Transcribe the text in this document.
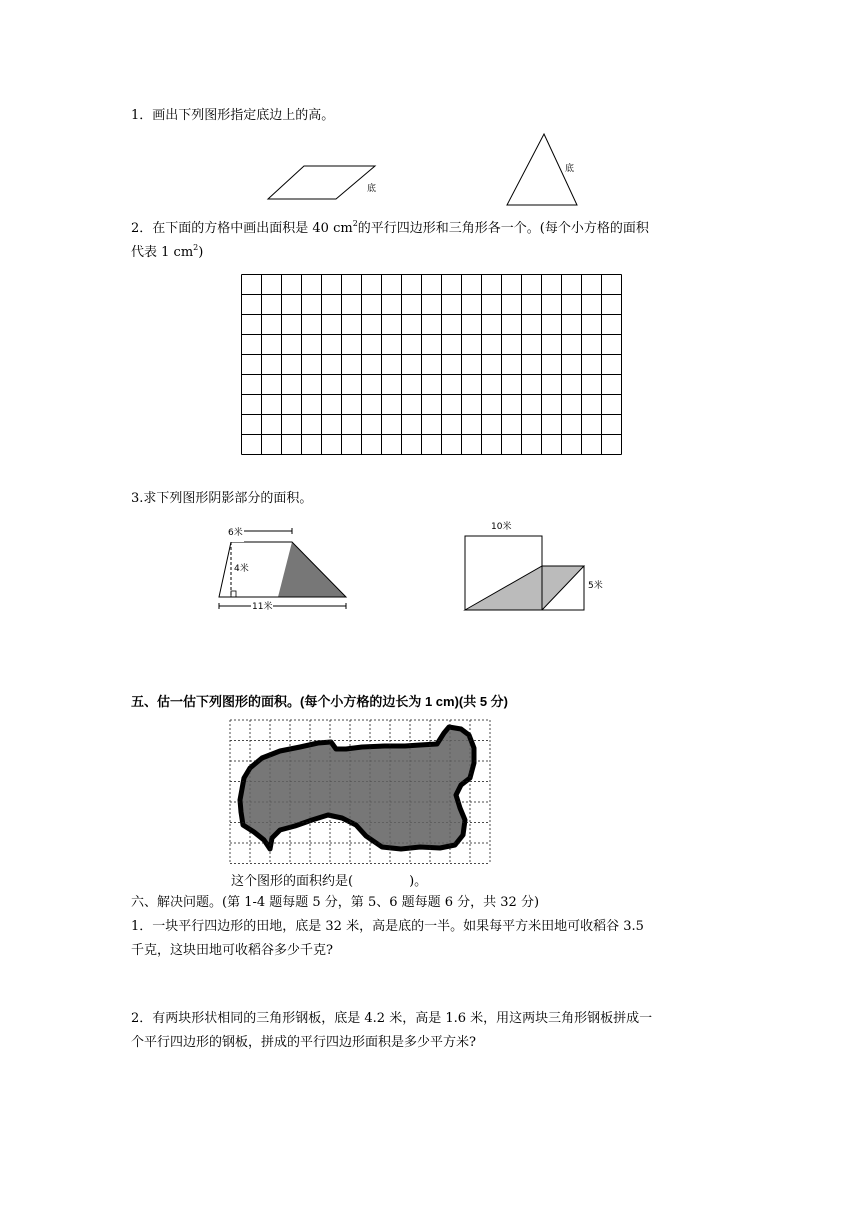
1．画出下列图形指定底边上的高。
底
底
2．在下面的方格中画出面积是 40 $cm^2$的平行四边形和三角形各一个。(每个小方格的面积
代表 1 $cm^2$)
3.求下列图形阴影部分的面积。
6米
4米
11米
10米
5米
五、估一估下列图形的面积。(每个小方格的边长为 1 cm)(共 5 分)
这个图形的面积约是(	)。
六、解决问题。(第 1-4 题每题 5 分，第 5、6 题每题 6 分，共 32 分)
1．一块平行四边形的田地，底是 32 米，高是底的一半。如果每平方米田地可收稻谷 3.5
千克，这块田地可收稻谷多少千克?
2．有两块形状相同的三角形钢板，底是 4.2 米，高是 1.6 米，用这两块三角形钢板拼成一
个平行四边形的钢板，拼成的平行四边形面积是多少平方米?
